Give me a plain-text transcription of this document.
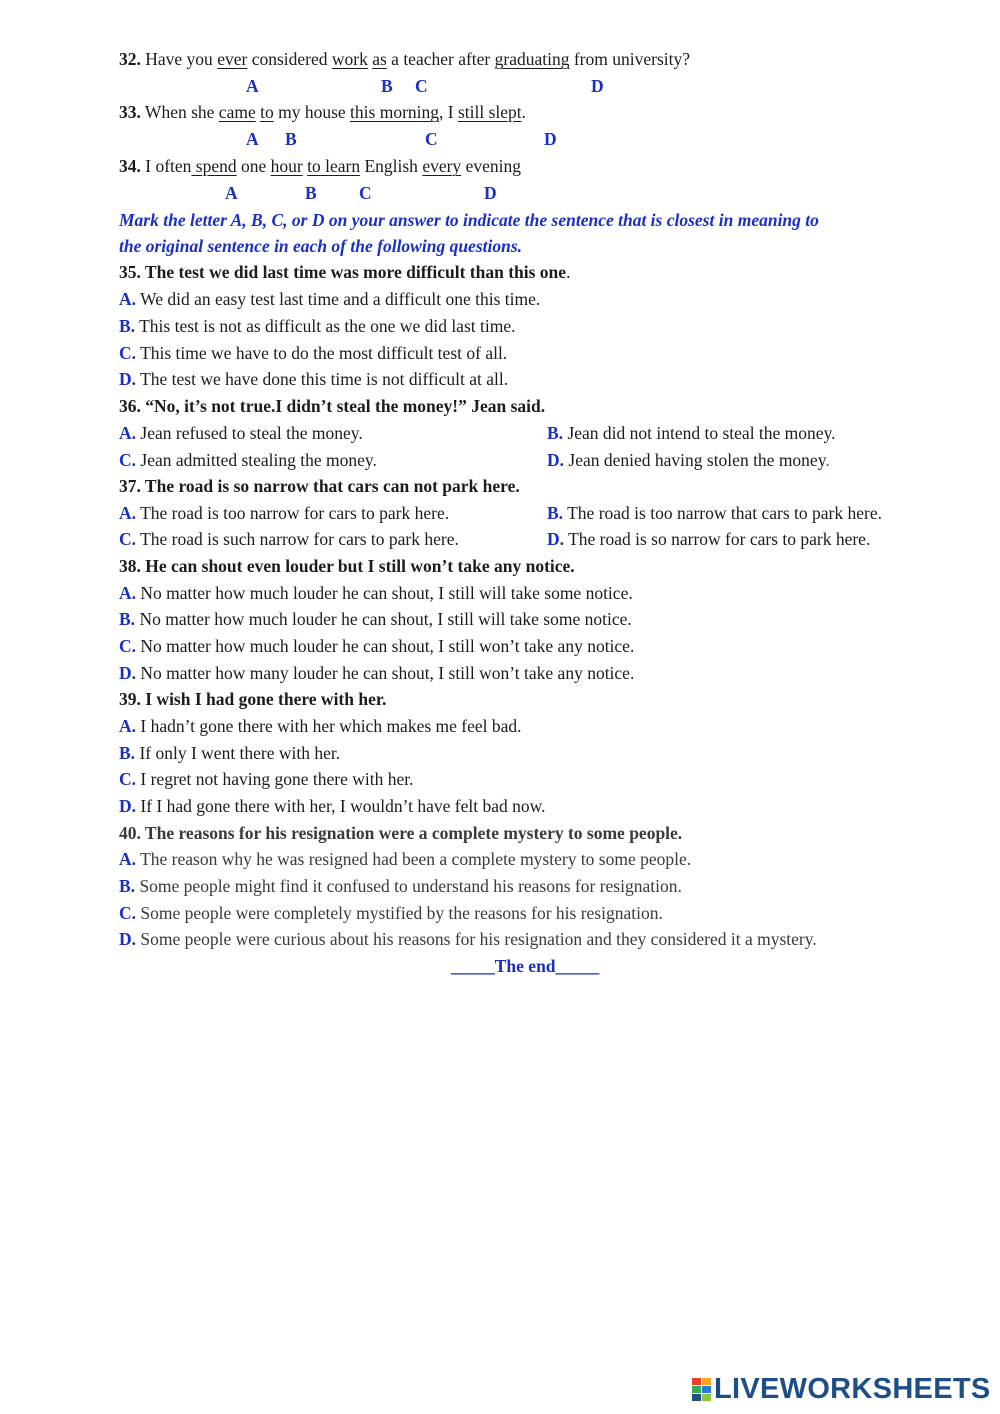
32. Have you ever considered work as a teacher after graduating from university?
A	B C	D
33. When she came to my house this morning, I still slept.
A B	C	D
34. I often spend one hour to learn English every evening
A	B C	D
Mark the letter A, B, C, or D on your answer to indicate the sentence that is closest in meaning to
the original sentence in each of the following questions.
35. The test we did last time was more difficult than this one.
A. We did an easy test last time and a difficult one this time.
B. This test is not as difficult as the one we did last time.
C. This time we have to do the most difficult test of all.
D. The test we have done this time is not difficult at all.
36. “No, it’s not true.I didn’t steal the money!” Jean said.
A. Jean refused to steal the money.	B. Jean did not intend to steal the money.
C. Jean admitted stealing the money.	D. Jean denied having stolen the money.
37. The road is so narrow that cars can not park here.
A. The road is too narrow for cars to park here.	B. The road is too narrow that cars to park here.
C. The road is such narrow for cars to park here.	D. The road is so narrow for cars to park here.
38. He can shout even louder but I still won’t take any notice.
A. No matter how much louder he can shout, I still will take some notice.
B. No matter how much louder he can shout, I still will take some notice.
C. No matter how much louder he can shout, I still won’t take any notice.
D. No matter how many louder he can shout, I still won’t take any notice.
39. I wish I had gone there with her.
A. I hadn’t gone there with her which makes me feel bad.
B. If only I went there with her.
C. I regret not having gone there with her.
D. If I had gone there with her, I wouldn’t have felt bad now.
40. The reasons for his resignation were a complete mystery to some people.
A. The reason why he was resigned had been a complete mystery to some people.
B. Some people might find it confused to understand his reasons for resignation.
C. Some people were completely mystified by the reasons for his resignation.
D. Some people were curious about his reasons for his resignation and they considered it a mystery.
_____The end_____
LIVEWORKSHEETS
